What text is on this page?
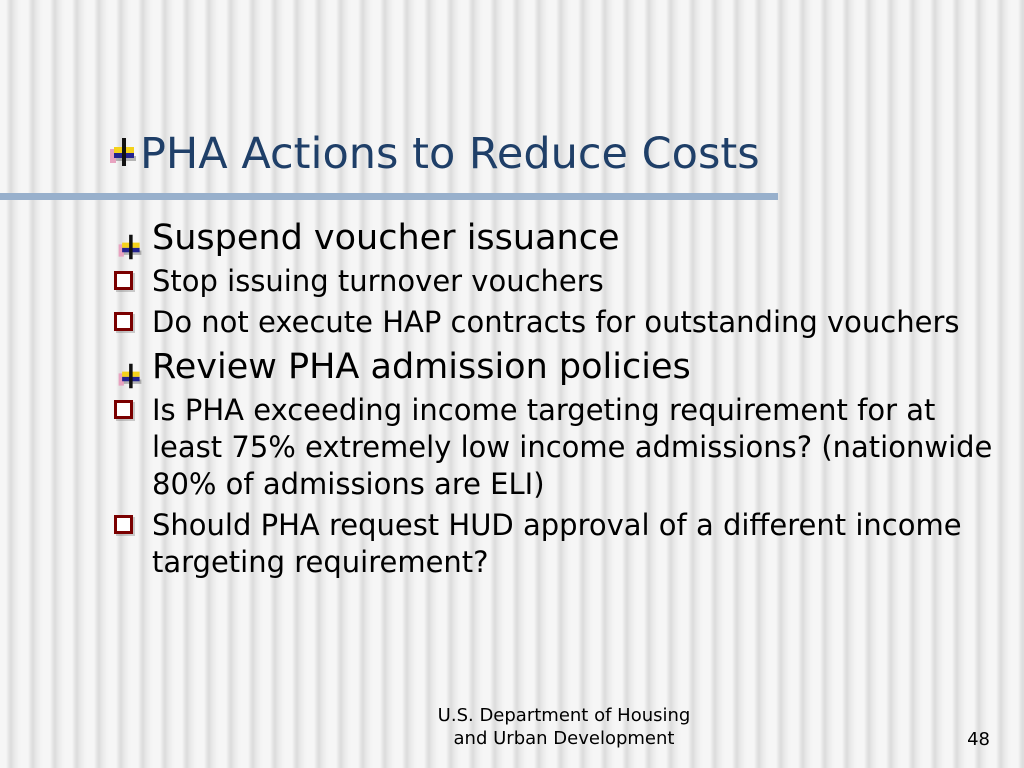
PHA Actions to Reduce Costs
Suspend voucher issuance
Stop issuing turnover vouchers
Do not execute HAP contracts for outstanding vouchers
Review PHA admission policies
Is PHA exceeding income targeting requirement for at least 75% extremely low income admissions? (nationwide 80% of admissions are ELI)
Should PHA request HUD approval of a different income targeting requirement?
U.S. Department of Housing
and Urban Development	48
